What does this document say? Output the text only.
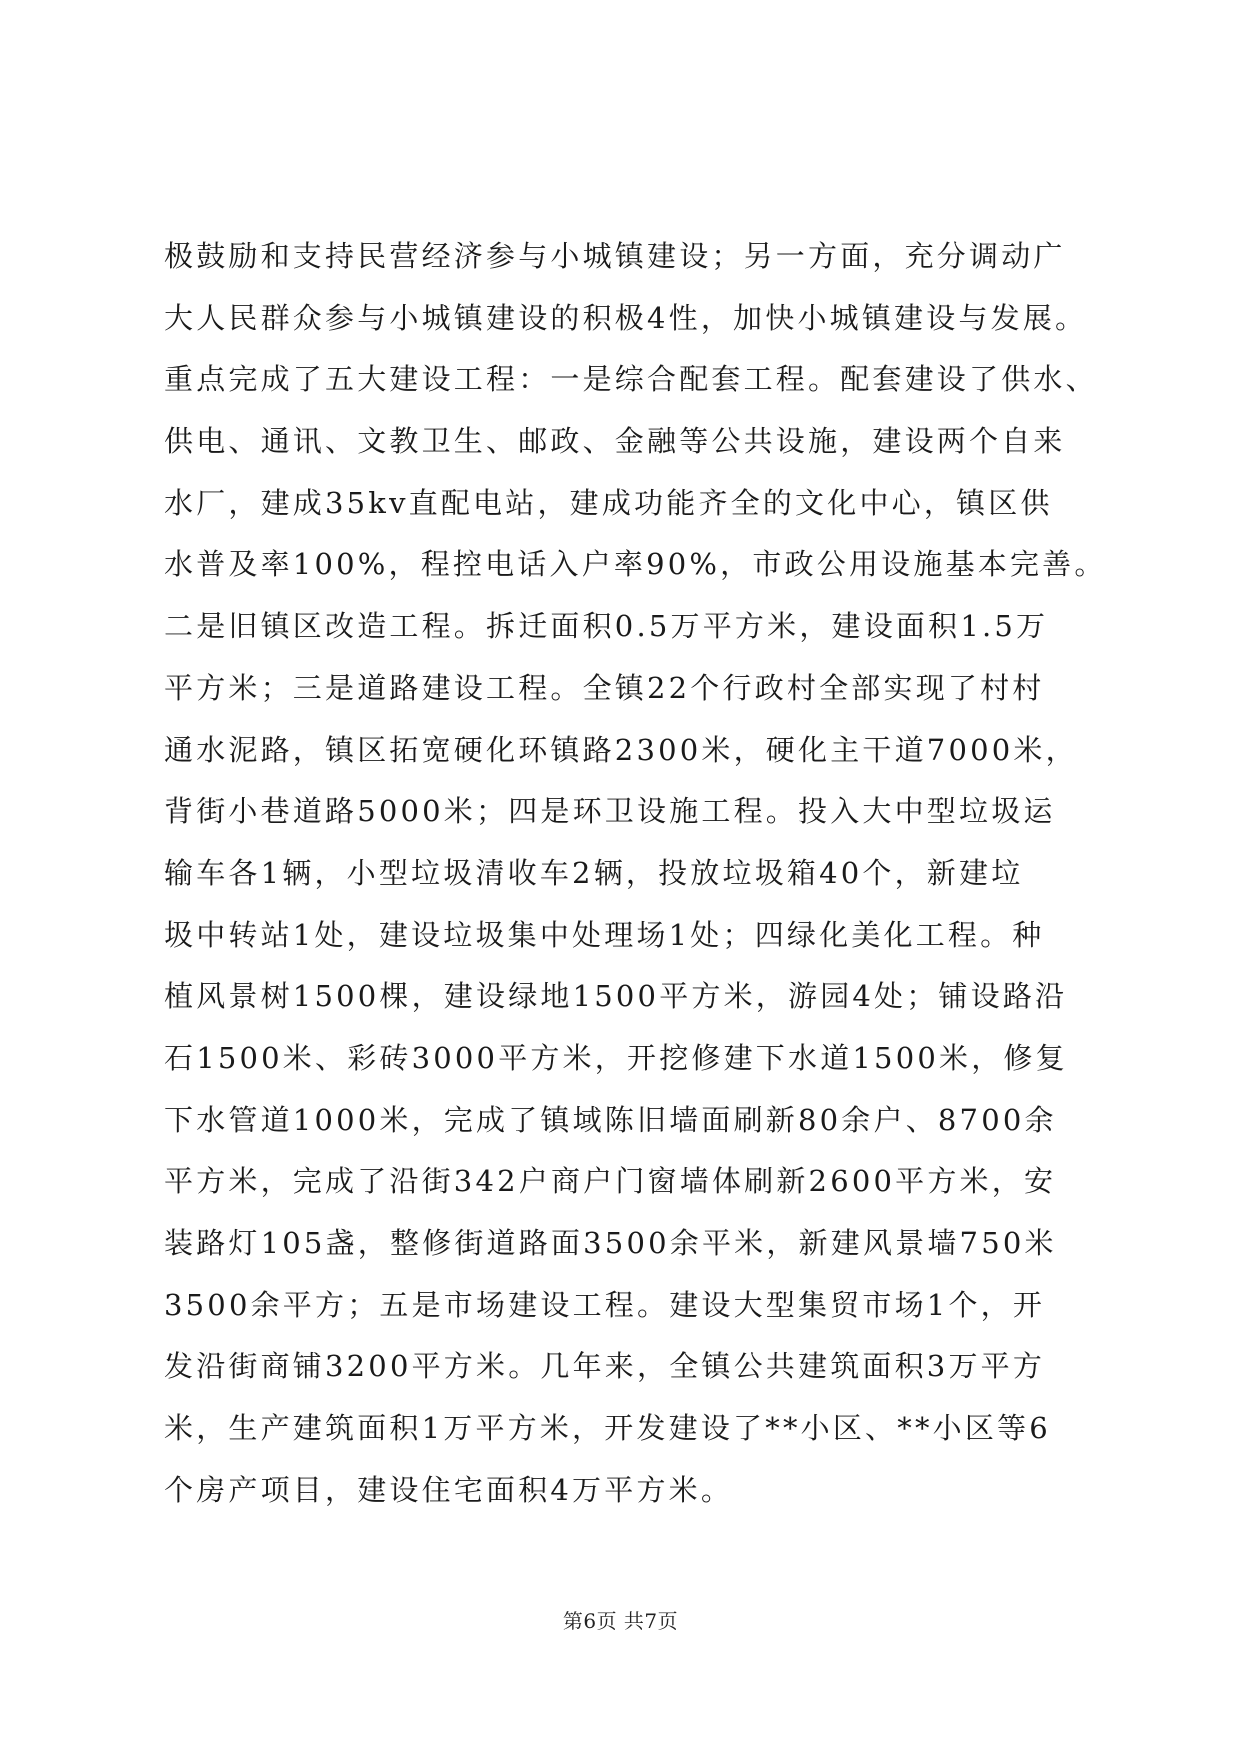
极鼓励和支持民营经济参与小城镇建设；另一方面，充分调动广
大人民群众参与小城镇建设的积极4性，加快小城镇建设与发展。
重点完成了五大建设工程：一是综合配套工程。配套建设了供水、
供电、通讯、文教卫生、邮政、金融等公共设施，建设两个自来
水厂，建成35kv直配电站，建成功能齐全的文化中心，镇区供
水普及率100%，程控电话入户率90%，市政公用设施基本完善。
二是旧镇区改造工程。拆迁面积0.5万平方米，建设面积1.5万
平方米；三是道路建设工程。全镇22个行政村全部实现了村村
通水泥路，镇区拓宽硬化环镇路2300米，硬化主干道7000米，
背街小巷道路5000米；四是环卫设施工程。投入大中型垃圾运
输车各1辆，小型垃圾清收车2辆，投放垃圾箱40个，新建垃
圾中转站1处，建设垃圾集中处理场1处；四绿化美化工程。种
植风景树1500棵，建设绿地1500平方米，游园4处；铺设路沿
石1500米、彩砖3000平方米，开挖修建下水道1500米，修复
下水管道1000米，完成了镇域陈旧墙面刷新80余户、8700余
平方米，完成了沿街342户商户门窗墙体刷新2600平方米，安
装路灯105盏，整修街道路面3500余平米，新建风景墙750米
3500余平方；五是市场建设工程。建设大型集贸市场1个，开
发沿街商铺3200平方米。几年来，全镇公共建筑面积3万平方
米，生产建筑面积1万平方米，开发建设了**小区、**小区等6
个房产项目，建设住宅面积4万平方米。
第6页 共7页
